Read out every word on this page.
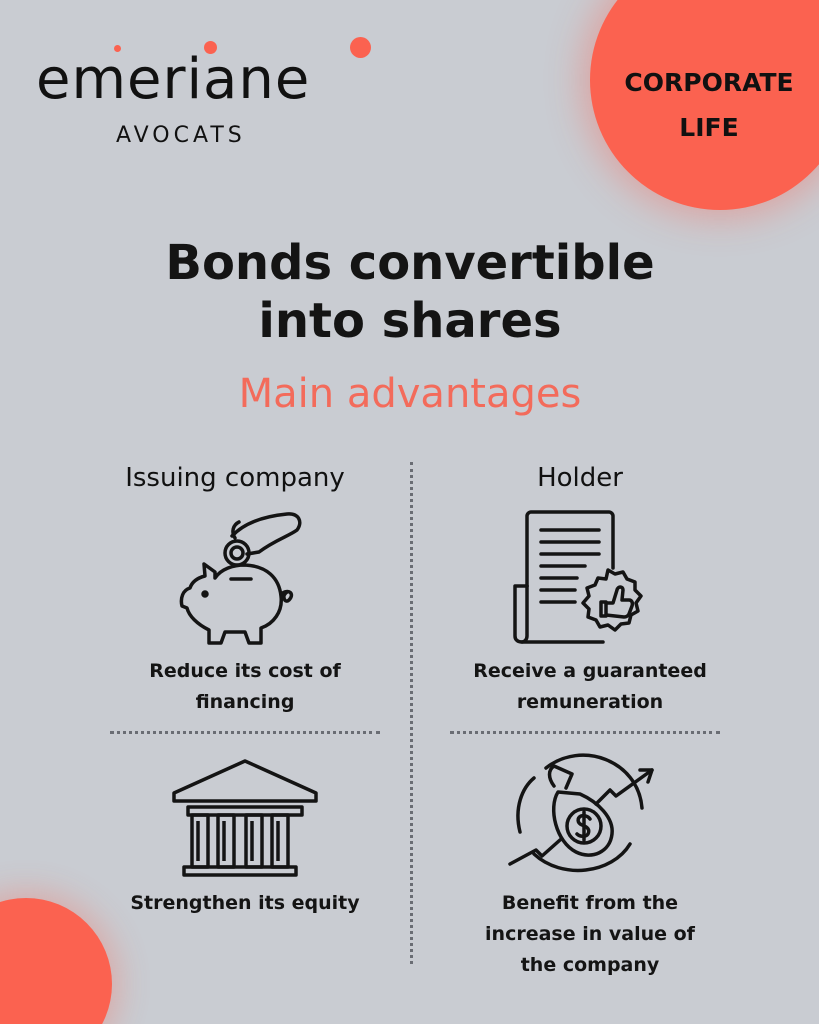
CORPORATE
LIFE
emeriane
AVOCATS
Bonds convertible
into shares
Main advantages
Issuing company	Holder
Reduce its cost of
financing
Strengthen its equity
Receive a guaranteed
remuneration
Benefit from the
increase in value of
the company
